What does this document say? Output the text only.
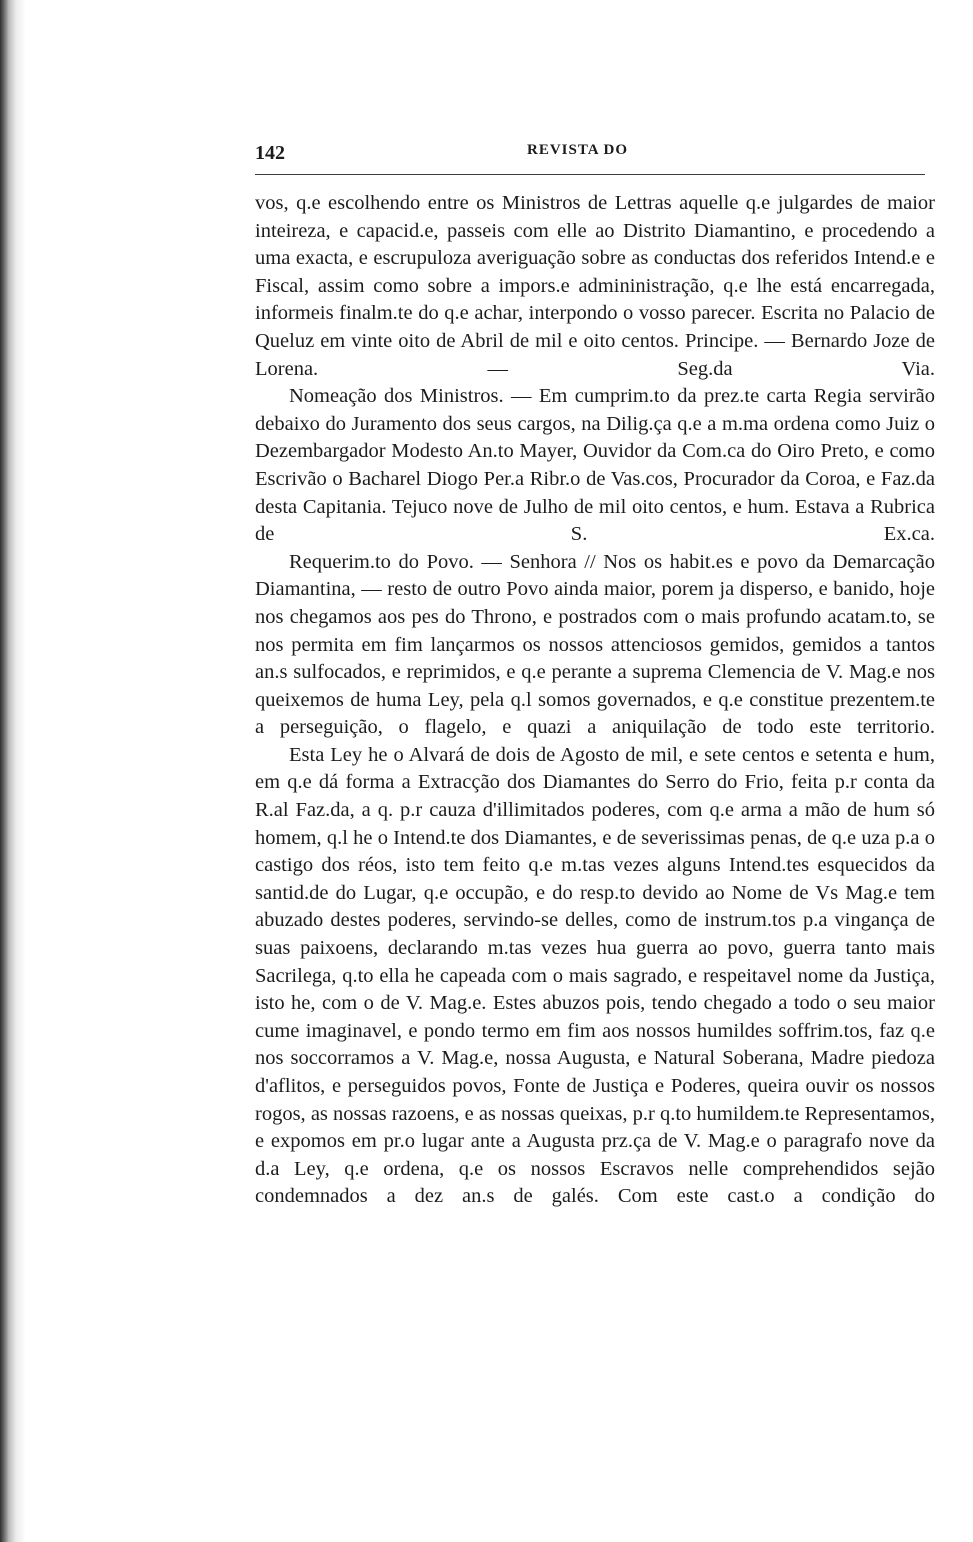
142	REVISTA DO

vos, q.e escolhendo entre os Ministros de Lettras aquelle q.e julgardes de maior inteireza, e capacid.e, passeis com elle ao Distrito Diamantino, e procedendo a uma exacta, e escrupuloza averiguação sobre as conductas dos referidos Intend.e e Fiscal, assim como sobre a impors.e admininistração, q.e lhe está encarregada, informeis finalm.te do q.e achar, interpondo o vosso parecer. Escrita no Palacio de Queluz em vinte oito de Abril de mil e oito centos. Principe. — Bernardo Joze de Lorena. — Seg.da Via.

Nomeação dos Ministros. — Em cumprim.to da prez.te carta Regia servirão debaixo do Juramento dos seus cargos, na Dilig.ça q.e a m.ma ordena como Juiz o Dezembargador Modesto An.to Mayer, Ouvidor da Com.ca do Oiro Preto, e como Escrivão o Bacharel Diogo Per.a Ribr.o de Vas.cos, Procurador da Coroa, e Faz.da desta Capitania. Tejuco nove de Julho de mil oito centos, e hum. Estava a Rubrica de S. Ex.ca.

Requerim.to do Povo. — Senhora // Nos os habit.es e povo da Demarcação Diamantina, — resto de outro Povo ainda maior, porem ja disperso, e banido, hoje nos chegamos aos pes do Throno, e postrados com o mais profundo acatam.to, se nos permita em fim lançarmos os nossos attenciosos gemidos, gemidos a tantos an.s sulfocados, e reprimidos, e q.e perante a suprema Clemencia de V. Mag.e nos queixemos de huma Ley, pela q.l somos governados, e q.e constitue prezentem.te a perseguição, o flagelo, e quazi a aniquilação de todo este territorio.

Esta Ley he o Alvará de dois de Agosto de mil, e sete centos e setenta e hum, em q.e dá forma a Extracção dos Diamantes do Serro do Frio, feita p.r conta da R.al Faz.da, a q. p.r cauza d'illimitados poderes, com q.e arma a mão de hum só homem, q.l he o Intend.te dos Diamantes, e de severissimas penas, de q.e uza p.a o castigo dos réos, isto tem feito q.e m.tas vezes alguns Intend.tes esquecidos da santid.de do Lugar, q.e occupão, e do resp.to devido ao Nome de Vs Mag.e tem abuzado destes poderes, servindo-se delles, como de instrum.tos p.a vingança de suas paixoens, declarando m.tas vezes hua guerra ao povo, guerra tanto mais Sacrilega, q.to ella he capeada com o mais sagrado, e respeitavel nome da Justiça, isto he, com o de V. Mag.e. Estes abuzos pois, tendo chegado a todo o seu maior cume imaginavel, e pondo termo em fim aos nossos humildes soffrim.tos, faz q.e nos soccorramos a V. Mag.e, nossa Augusta, e Natural Soberana, Madre piedoza d'aflitos, e perseguidos povos, Fonte de Justiça e Poderes, queira ouvir os nossos rogos, as nossas razoens, e as nossas queixas, p.r q.to humildem.te Representamos, e expomos em pr.o lugar ante a Augusta prz.ça de V. Mag.e o paragrafo nove da d.a Ley, q.e ordena, q.e os nossos Escravos nelle comprehendidos sejão condemnados a dez an.s de galés. Com este cast.o a condição do
